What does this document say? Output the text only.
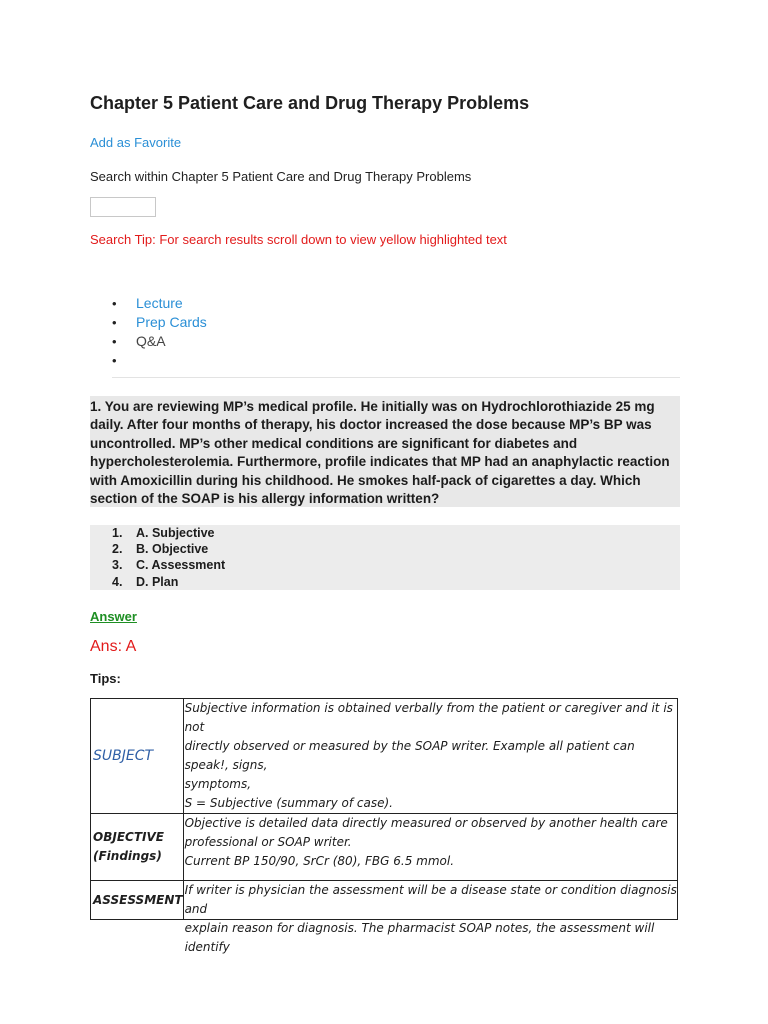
Chapter 5 Patient Care and Drug Therapy Problems
Add as Favorite
Search within Chapter 5 Patient Care and Drug Therapy Problems
Search Tip: For search results scroll down to view yellow highlighted text
• Lecture
• Prep Cards
• Q&A
•
1. You are reviewing MP’s medical profile. He initially was on Hydrochlorothiazide 25 mg daily. After four months of therapy, his doctor increased the dose because MP’s BP was uncontrolled. MP’s other medical conditions are significant for diabetes and hypercholesterolemia. Furthermore, profile indicates that MP had an anaphylactic reaction with Amoxicillin during his childhood. He smokes half-pack of cigarettes a day. Which section of the SOAP is his allergy information written?
1. A. Subjective
2. B. Objective
3. C. Assessment
4. D. Plan
Answer
Ans: A
Tips:
SUBJECT	Subjective information is obtained verbally from the patient or caregiver and it is not
directly observed or measured by the SOAP writer. Example all patient can speak!, signs,
symptoms,
S = Subjective (summary of case).

OBJECTIVE
(Findings)	Objective is detailed data directly measured or observed by another health care
professional or SOAP writer.
Current BP 150/90, SrCr (80), FBG 6.5 mmol.

ASSESSMENT	If writer is physician the assessment will be a disease state or condition diagnosis and
explain reason for diagnosis. The pharmacist SOAP notes, the assessment will identify
